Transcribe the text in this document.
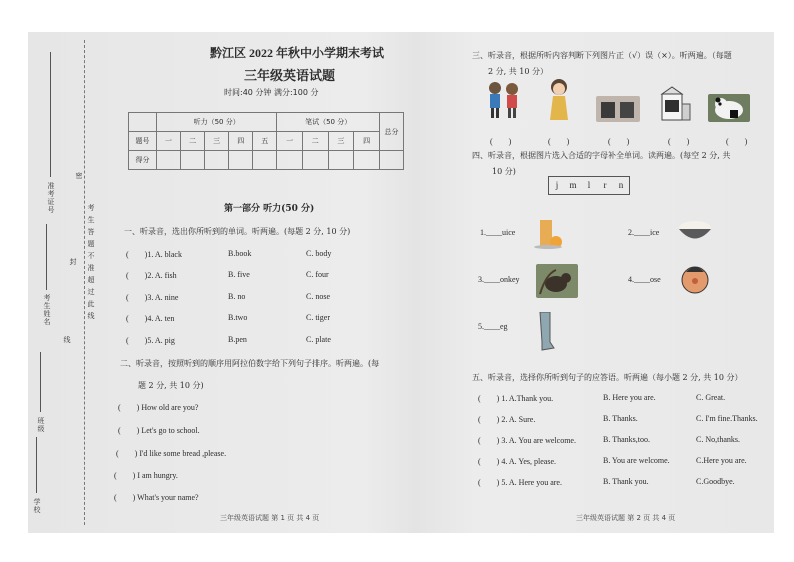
准考证号
考生姓名
班级
学校
密
封
线
考生答题不准超过此线
黔江区 2022 年秋中小学期末考试
三年级英语试题
时间:40 分钟 满分:100 分
	听力（50 分）					笔试（50 分）				总分
题号	一	二	三	四	五	一	二	三	四	
得分										
第一部分 听力(50 分)
一、听录音，选出你所听到的单词。听两遍。(每题 2 分, 10 分)
(　　)1. A. black	B.book	C. body
(　　)2. A. fish	B. five	C. four
(　　)3. A. nine	B. no	C. nose
(　　)4. A. ten	B.two	C. tiger
(　　)5. A. pig	B.pen	C. plate
二、听录音，按照听到的顺序用阿拉伯数字给下列句子排序。听两遍。(每
题 2 分, 共 10 分)
(　　) How old are you?
(　　) Let's go to school.
(　　) I'd like some bread ,please.
(　　) I am hungry.
(　　) What's your name?
三年级英语试题 第 1 页 共 4 页
三、听录音，根据所听内容判断下列图片正（√）误（×）。听两遍。（每题
2 分, 共 10 分）
(　　)	(　　)	(　　)	(　　)	(　　)
四、听录音，根据图片选入合适的字母补全单词。读两遍。(每空 2 分, 共
10 分)
j	m	l	r	n
1.____uice	2.____ice
3.____onkey	4.____ose
5.____eg
五、听录音，选择你所听到句子的应答语。听两遍（每小题 2 分, 共 10 分）
(　　) 1. A.Thank you.	B. Here you are.	C. Great.
(　　) 2. A. Sure.	B. Thanks.	C. I'm fine.Thanks.
(　　) 3. A. You are welcome.	B. Thanks,too.	C. No,thanks.
(　　) 4. A. Yes, please.	B. You are welcome.	C.Here you are.
(　　) 5. A. Here you are.	B. Thank you.	C.Goodbye.
三年级英语试题 第 2 页 共 4 页
